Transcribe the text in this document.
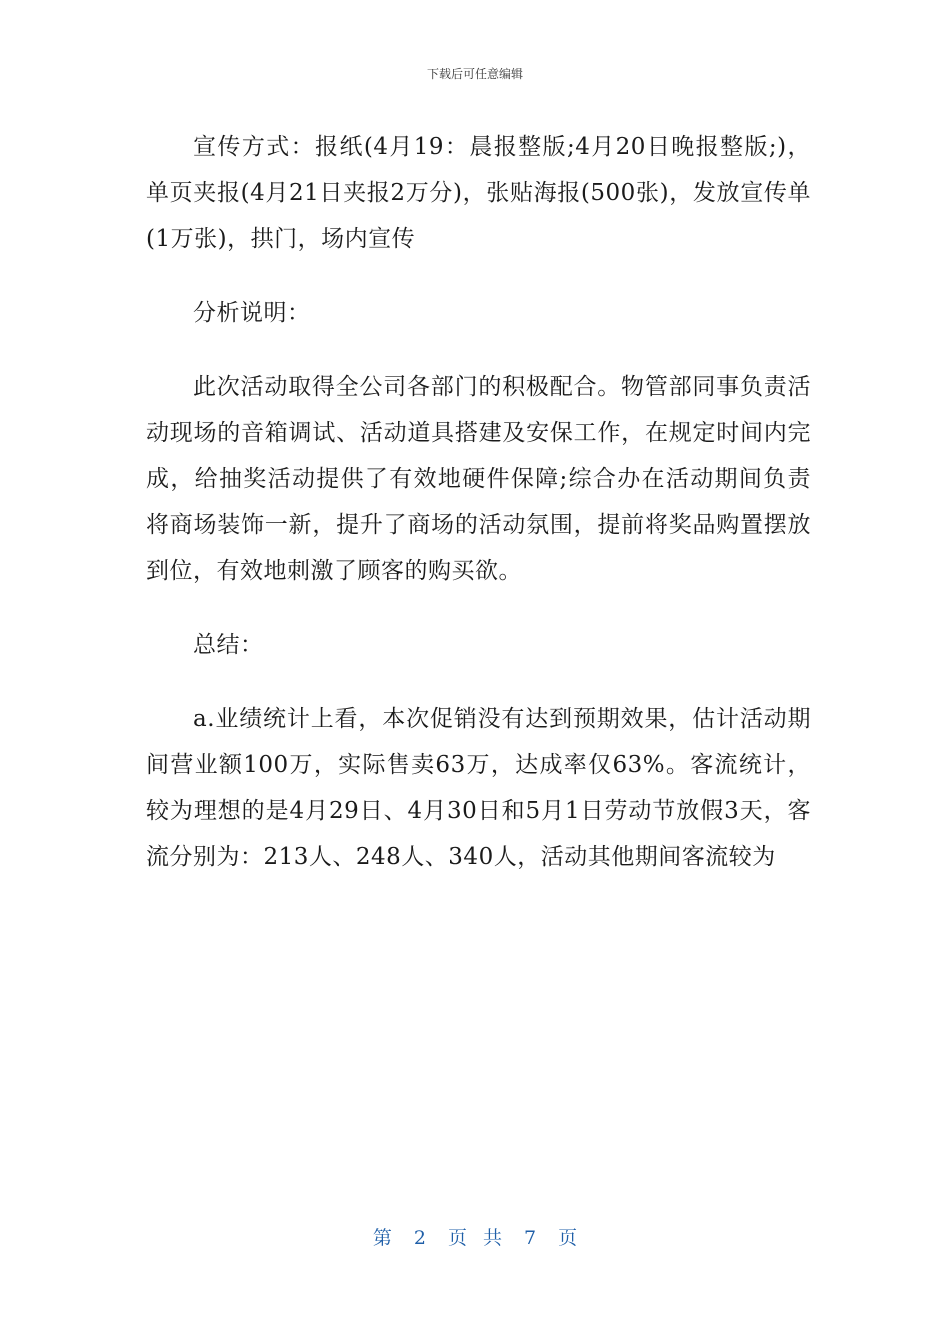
下载后可任意编辑

宣传方式：报纸(4月19：晨报整版;4月20日晚报整版;)，单页夹报(4月21日夹报2万分)，张贴海报(500张)，发放宣传单(1万张)，拱门，场内宣传

分析说明：

此次活动取得全公司各部门的积极配合。物管部同事负责活动现场的音箱调试、活动道具搭建及安保工作，在规定时间内完成，给抽奖活动提供了有效地硬件保障;综合办在活动期间负责将商场装饰一新，提升了商场的活动氛围，提前将奖品购置摆放到位，有效地刺激了顾客的购买欲。

总结：

a.业绩统计上看，本次促销没有达到预期效果，估计活动期间营业额100万，实际售卖63万，达成率仅63%。客流统计，较为理想的是4月29日、4月30日和5月1日劳动节放假3天，客流分别为：213人、248人、340人，活动其他期间客流较为

第 2 页 共 7 页
